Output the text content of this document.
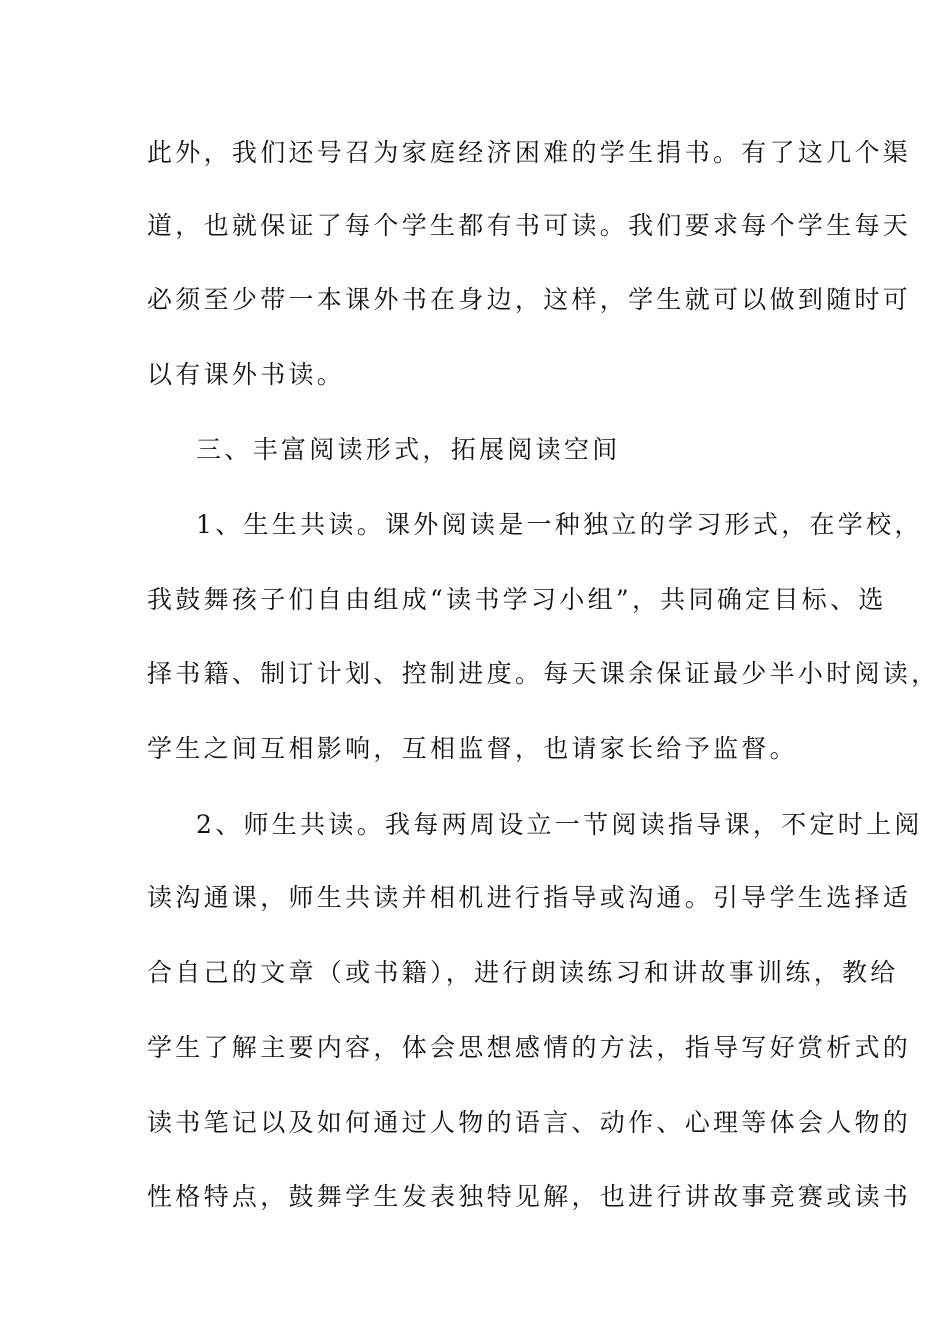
此外，我们还号召为家庭经济困难的学生捐书。有了这几个渠
道，也就保证了每个学生都有书可读。我们要求每个学生每天
必须至少带一本课外书在身边，这样，学生就可以做到随时可
以有课外书读。
三、丰富阅读形式，拓展阅读空间
1、生生共读。课外阅读是一种独立的学习形式，在学校，
我鼓舞孩子们自由组成“读书学习小组”，共同确定目标、选
择书籍、制订计划、控制进度。每天课余保证最少半小时阅读，
学生之间互相影响，互相监督，也请家长给予监督。
2、师生共读。我每两周设立一节阅读指导课，不定时上阅
读沟通课，师生共读并相机进行指导或沟通。引导学生选择适
合自己的文章（或书籍），进行朗读练习和讲故事训练，教给
学生了解主要内容，体会思想感情的方法，指导写好赏析式的
读书笔记以及如何通过人物的语言、动作、心理等体会人物的
性格特点，鼓舞学生发表独特见解，也进行讲故事竞赛或读书
